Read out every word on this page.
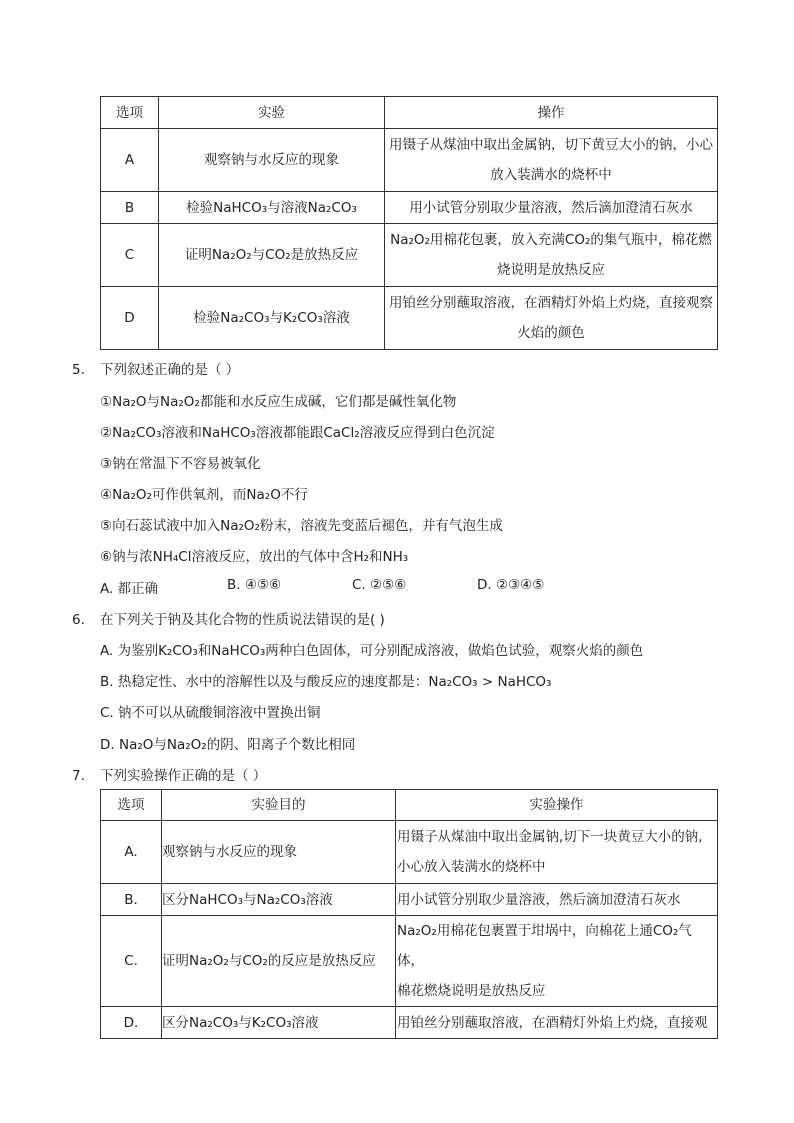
选项	实验	操作
A	观察钠与水反应的现象	用镊子从煤油中取出金属钠，切下黄豆大小的钠，小心
放入装满水的烧杯中
B	检验NaHCO₃与溶液Na₂CO₃	用小试管分别取少量溶液，然后滴加澄清石灰水
C	证明Na₂O₂与CO₂是放热反应	Na₂O₂用棉花包裹，放入充满CO₂的集气瓶中，棉花燃
烧说明是放热反应
D	检验Na₂CO₃与K₂CO₃溶液	用铂丝分别蘸取溶液，在酒精灯外焰上灼烧，直接观察
火焰的颜色
5. 下列叙述正确的是（ ）
①Na₂O与Na₂O₂都能和水反应生成碱，它们都是碱性氧化物
②Na₂CO₃溶液和NaHCO₃溶液都能跟CaCl₂溶液反应得到白色沉淀
③钠在常温下不容易被氧化
④Na₂O₂可作供氧剂，而Na₂O不行
⑤向石蕊试液中加入Na₂O₂粉末，溶液先变蓝后褪色，并有气泡生成
⑥钠与浓NH₄Cl溶液反应，放出的气体中含H₂和NH₃
A. 都正确	B. ④⑤⑥	C. ②⑤⑥	D. ②③④⑤
6. 在下列关于钠及其化合物的性质说法错误的是( )
A. 为鉴别K₂CO₃和NaHCO₃两种白色固体，可分别配成溶液，做焰色试验，观察火焰的颜色
B. 热稳定性、水中的溶解性以及与酸反应的速度都是：Na₂CO₃ > NaHCO₃
C. 钠不可以从硫酸铜溶液中置换出铜
D. Na₂O与Na₂O₂的阴、阳离子个数比相同
7. 下列实验操作正确的是（ ）
选项	实验目的	实验操作
A.	观察钠与水反应的现象	用镊子从煤油中取出金属钠,切下一块黄豆大小的钠,
小心放入装满水的烧杯中
B.	区分NaHCO₃与Na₂CO₃溶液	用小试管分别取少量溶液，然后滴加澄清石灰水
C.	证明Na₂O₂与CO₂的反应是放热反应	Na₂O₂用棉花包裹置于坩埚中，向棉花上通CO₂气体，
棉花燃烧说明是放热反应
D.	区分Na₂CO₃与K₂CO₃溶液	用铂丝分别蘸取溶液，在酒精灯外焰上灼烧，直接观
